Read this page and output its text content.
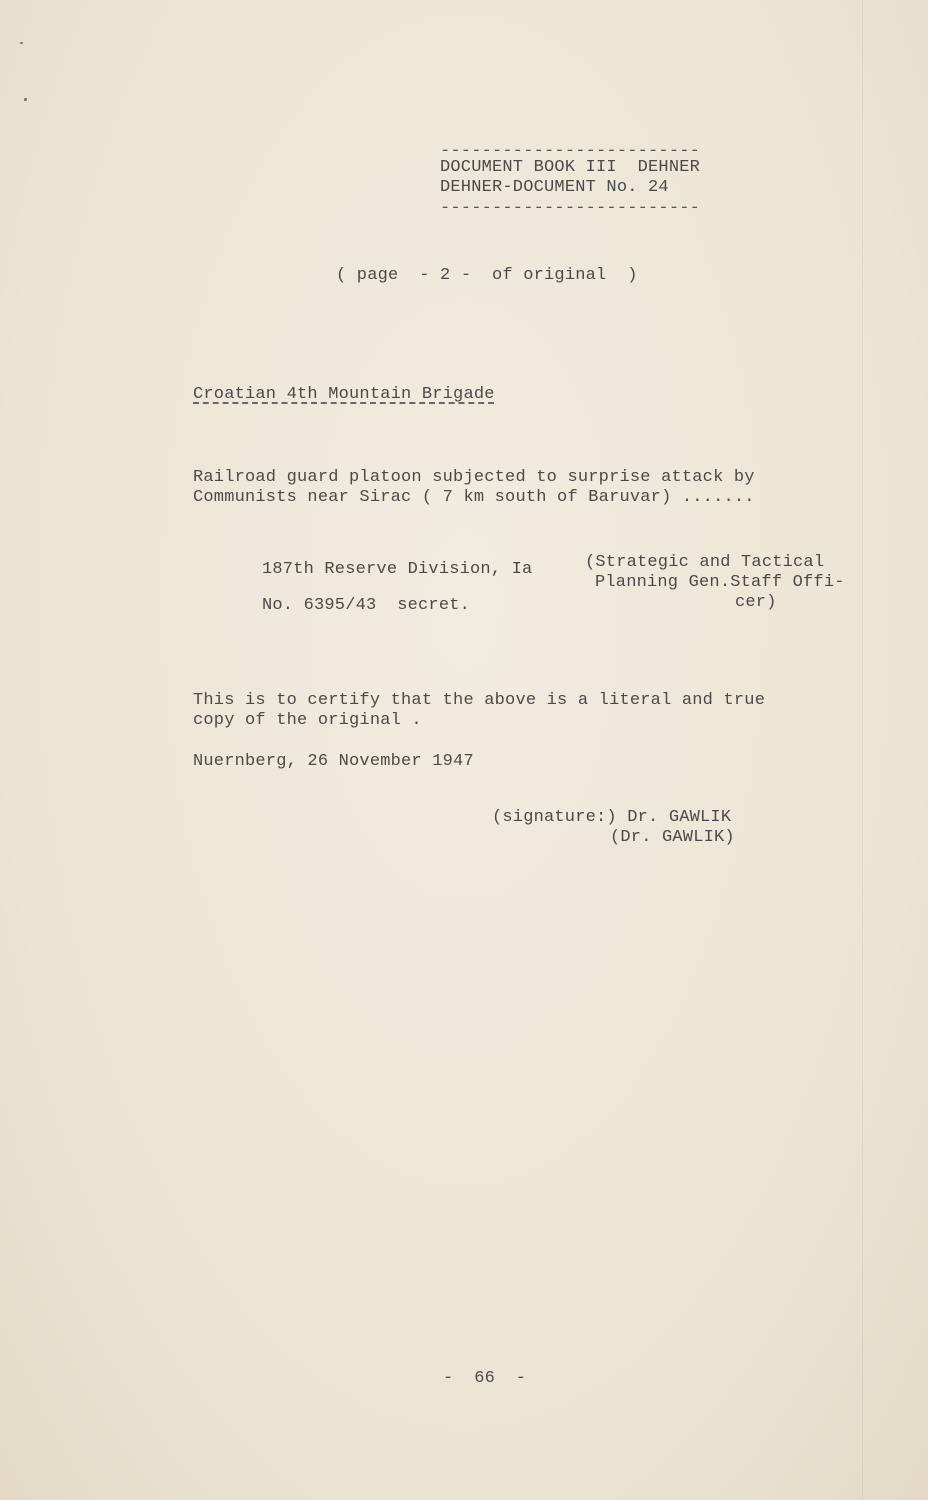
-------------------------
DOCUMENT BOOK III  DEHNER
DEHNER-DOCUMENT No. 24
-------------------------
( page  - 2 -  of original  )
Croatian 4th Mountain Brigade
Railroad guard platoon subjected to surprise attack by
Communists near Sirac ( 7 km south of Baruvar) .......
187th Reserve Division, Ia	(Strategic and Tactical
Planning Gen.Staff Offi-
cer)
No. 6395/43  secret.
This is to certify that the above is a literal and true
copy of the original .
Nuernberg, 26 November 1947
(signature:) Dr. GAWLIK
(Dr. GAWLIK)
-  66  -
